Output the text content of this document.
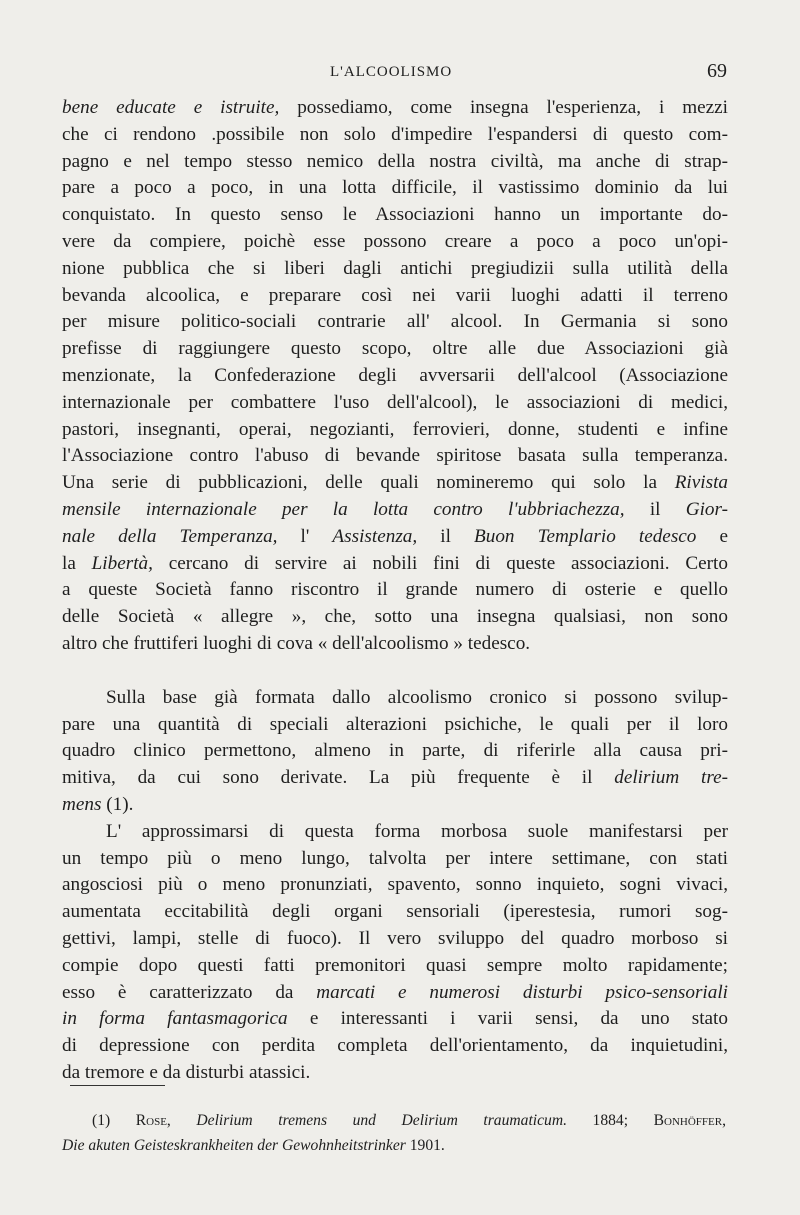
L'ALCOOLISMO	69
bene educate e istruite, possediamo, come insegna l'esperienza, i mezzi
che ci rendono .possibile non solo d'impedire l'espandersi di questo com-
pagno e nel tempo stesso nemico della nostra civiltà, ma anche di strap-
pare a poco a poco, in una lotta difficile, il vastissimo dominio da lui
conquistato. In questo senso le Associazioni hanno un importante do-
vere da compiere, poichè esse possono creare a poco a poco un'opi-
nione pubblica che si liberi dagli antichi pregiudizii sulla utilità della
bevanda alcoolica, e preparare così nei varii luoghi adatti il terreno
per misure politico-sociali contrarie all' alcool. In Germania si sono
prefisse di raggiungere questo scopo, oltre alle due Associazioni già
menzionate, la Confederazione degli avversarii dell'alcool (Associazione
internazionale per combattere l'uso dell'alcool), le associazioni di medici,
pastori, insegnanti, operai, negozianti, ferrovieri, donne, studenti e infine
l'Associazione contro l'abuso di bevande spiritose basata sulla temperanza.
Una serie di pubblicazioni, delle quali nomineremo qui solo la Rivista
mensile internazionale per la lotta contro l'ubbriachezza, il Gior-
nale della Temperanza, l' Assistenza, il Buon Templario tedesco e
la Libertà, cercano di servire ai nobili fini di queste associazioni. Certo
a queste Società fanno riscontro il grande numero di osterie e quello
delle Società « allegre », che, sotto una insegna qualsiasi, non sono
altro che fruttiferi luoghi di cova « dell'alcoolismo » tedesco.
Sulla base già formata dallo alcoolismo cronico si possono svilup-
pare una quantità di speciali alterazioni psichiche, le quali per il loro
quadro clinico permettono, almeno in parte, di riferirle alla causa pri-
mitiva, da cui sono derivate. La più frequente è il delirium tre-
mens (1).
L' approssimarsi di questa forma morbosa suole manifestarsi per
un tempo più o meno lungo, talvolta per intere settimane, con stati
angosciosi più o meno pronunziati, spavento, sonno inquieto, sogni vivaci,
aumentata eccitabilità degli organi sensoriali (iperestesia, rumori sog-
gettivi, lampi, stelle di fuoco). Il vero sviluppo del quadro morboso si
compie dopo questi fatti premonitori quasi sempre molto rapidamente;
esso è caratterizzato da marcati e numerosi disturbi psico-sensoriali
in forma fantasmagorica e interessanti i varii sensi, da uno stato
di depressione con perdita completa dell'orientamento, da inquietudini,
da tremore e da disturbi atassici.
(1) Rose, Delirium tremens und Delirium traumaticum. 1884; Bonhöffer,
Die akuten Geisteskrankheiten der Gewohnheitstrinker 1901.
